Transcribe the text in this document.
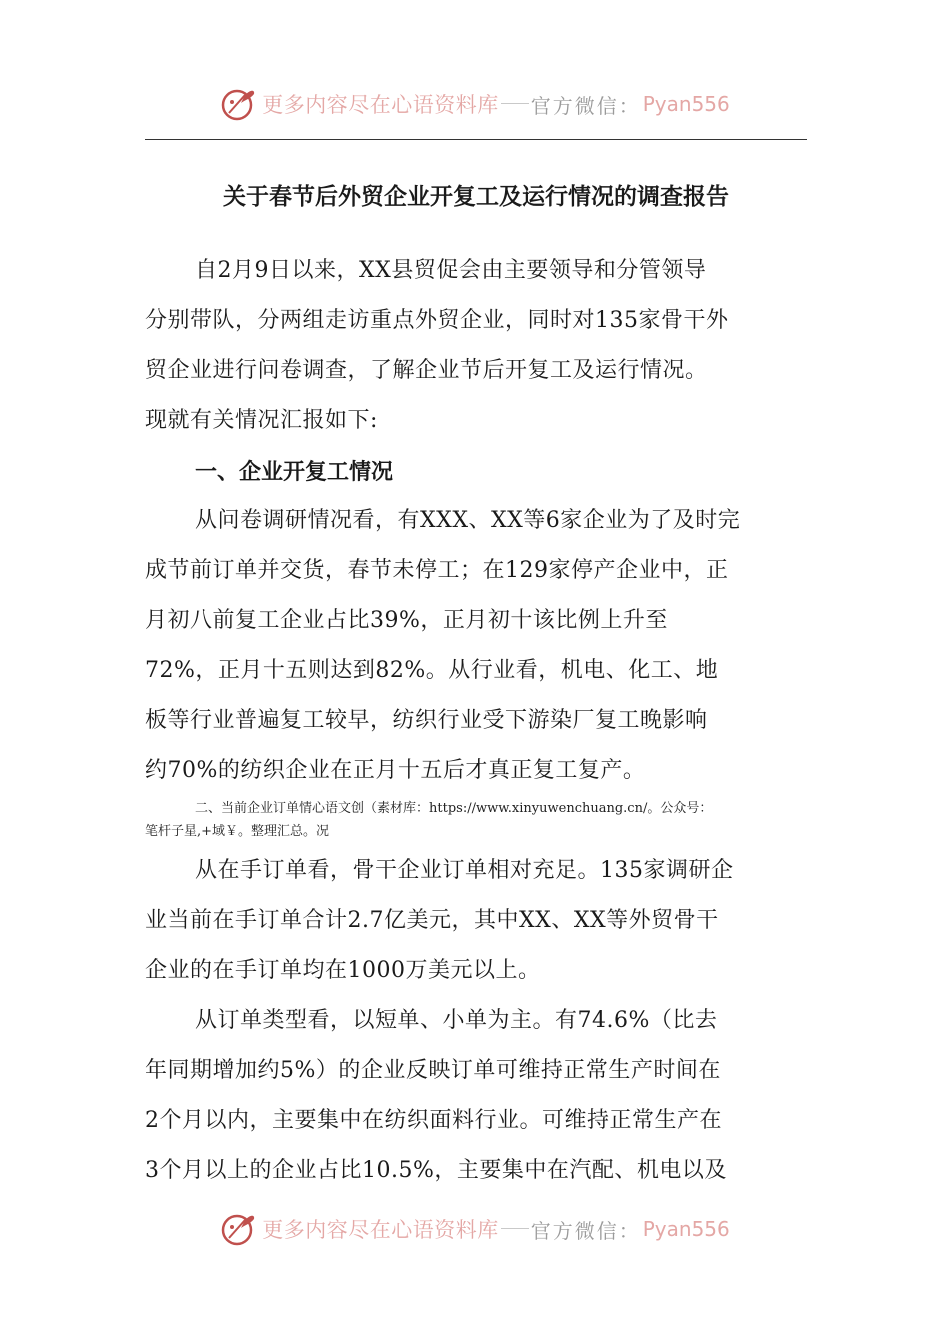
更多内容尽在心语资料库 官方微信： Pyan556
关于春节后外贸企业开复工及运行情况的调查报告
自2月9日以来，XX县贸促会由主要领导和分管领导
分别带队，分两组走访重点外贸企业，同时对135家骨干外
贸企业进行问卷调查，了解企业节后开复工及运行情况。
现就有关情况汇报如下:
一、企业开复工情况
从问卷调研情况看，有XXX、XX等6家企业为了及时完
成节前订单并交货，春节未停工；在129家停产企业中，正
月初八前复工企业占比39%，正月初十该比例上升至
72%，正月十五则达到82%。从行业看，机电、化工、地
板等行业普遍复工较早，纺织行业受下游染厂复工晚影响
约70%的纺织企业在正月十五后才真正复工复产。
二、当前企业订单情心语文创（素材库：https://www.xinyuwenchuang.cn/。公众号：
笔杆子星,+域￥。整理汇总。况
从在手订单看，骨干企业订单相对充足。135家调研企
业当前在手订单合计2.7亿美元，其中XX、XX等外贸骨干
企业的在手订单均在1000万美元以上。
从订单类型看，以短单、小单为主。有74.6%（比去
年同期增加约5%）的企业反映订单可维持正常生产时间在
2个月以内，主要集中在纺织面料行业。可维持正常生产在
3个月以上的企业占比10.5%，主要集中在汽配、机电以及
更多内容尽在心语资料库 官方微信： Pyan556
